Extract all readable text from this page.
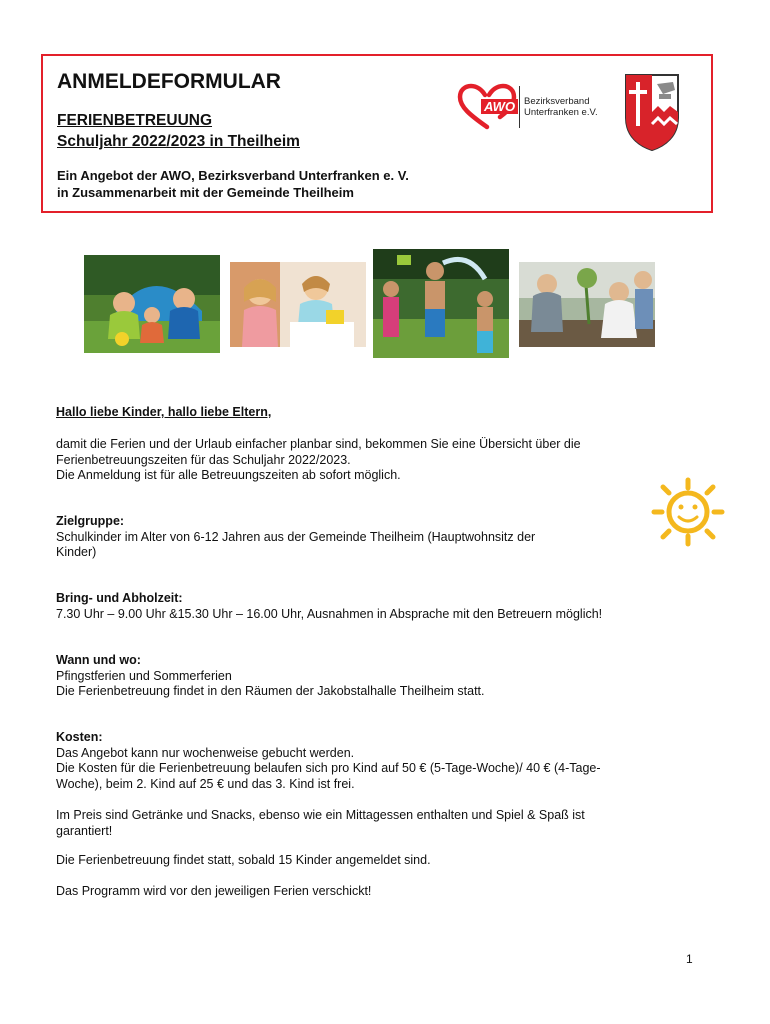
ANMELDEFORMULAR

FERIENBETREUUNG

Schuljahr 2022/2023 in Theilheim

Ein Angebot der AWO, Bezirksverband Unterfranken e. V.

in Zusammenarbeit mit der Gemeinde Theilheim

AWO Bezirksverband
Unterfranken e.V.

Hallo liebe Kinder, hallo liebe Eltern,

damit die Ferien und der Urlaub einfacher planbar sind, bekommen Sie eine Übersicht über die

Ferienbetreuungszeiten für das Schuljahr 2022/2023.

Die Anmeldung ist für alle Betreuungszeiten ab sofort möglich.

Zielgruppe:

Schulkinder im Alter von 6-12 Jahren aus der Gemeinde Theilheim (Hauptwohnsitz der

Kinder)

Bring- und Abholzeit:

7.30 Uhr – 9.00 Uhr &15.30 Uhr – 16.00 Uhr, Ausnahmen in Absprache mit den Betreuern möglich!

Wann und wo:

Pfingstferien und Sommerferien

Die Ferienbetreuung findet in den Räumen der Jakobstalhalle Theilheim statt.

Kosten:

Das Angebot kann nur wochenweise gebucht werden.

Die Kosten für die Ferienbetreuung belaufen sich pro Kind auf 50 € (5-Tage-Woche)/ 40 € (4-Tage-

Woche), beim 2. Kind auf 25 € und das 3. Kind ist frei.

Im Preis sind Getränke und Snacks, ebenso wie ein Mittagessen enthalten und Spiel & Spaß ist

garantiert!

Die Ferienbetreuung findet statt, sobald 15 Kinder angemeldet sind.

Das Programm wird vor den jeweiligen Ferien verschickt!

1
